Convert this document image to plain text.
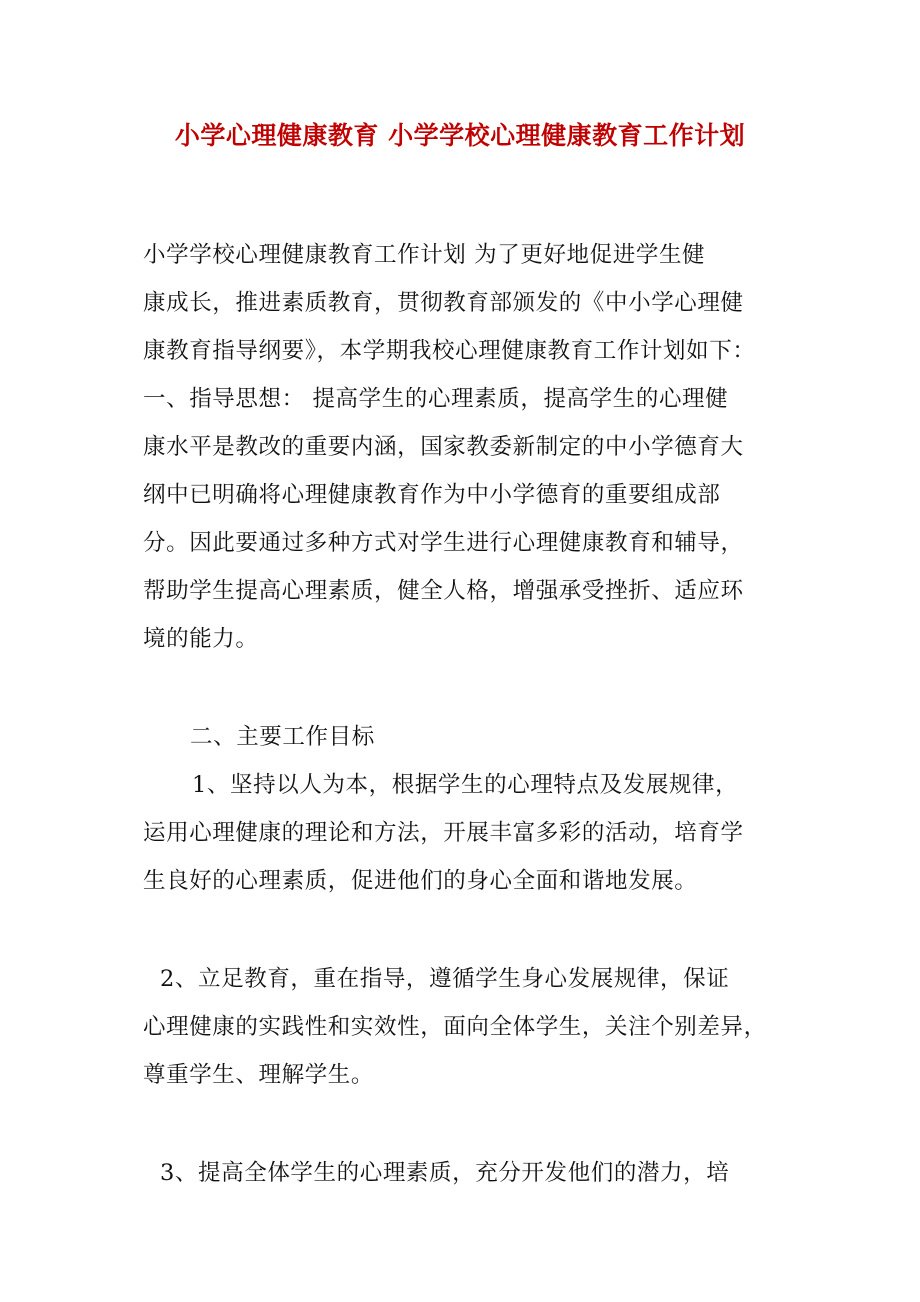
小学心理健康教育 小学学校心理健康教育工作计划
小学学校心理健康教育工作计划 为了更好地促进学生健
康成长，推进素质教育，贯彻教育部颁发的《中小学心理健
康教育指导纲要》，本学期我校心理健康教育工作计划如下：
一、指导思想： 提高学生的心理素质，提高学生的心理健
康水平是教改的重要内涵，国家教委新制定的中小学德育大
纲中已明确将心理健康教育作为中小学德育的重要组成部
分。因此要通过多种方式对学生进行心理健康教育和辅导，
帮助学生提高心理素质，健全人格，增强承受挫折、适应环
境的能力。
二、主要工作目标
1、坚持以人为本，根据学生的心理特点及发展规律，
运用心理健康的理论和方法，开展丰富多彩的活动，培育学
生良好的心理素质，促进他们的身心全面和谐地发展。
2、立足教育，重在指导，遵循学生身心发展规律，保证
心理健康的实践性和实效性，面向全体学生，关注个别差异，
尊重学生、理解学生。
3、提高全体学生的心理素质，充分开发他们的潜力，培
